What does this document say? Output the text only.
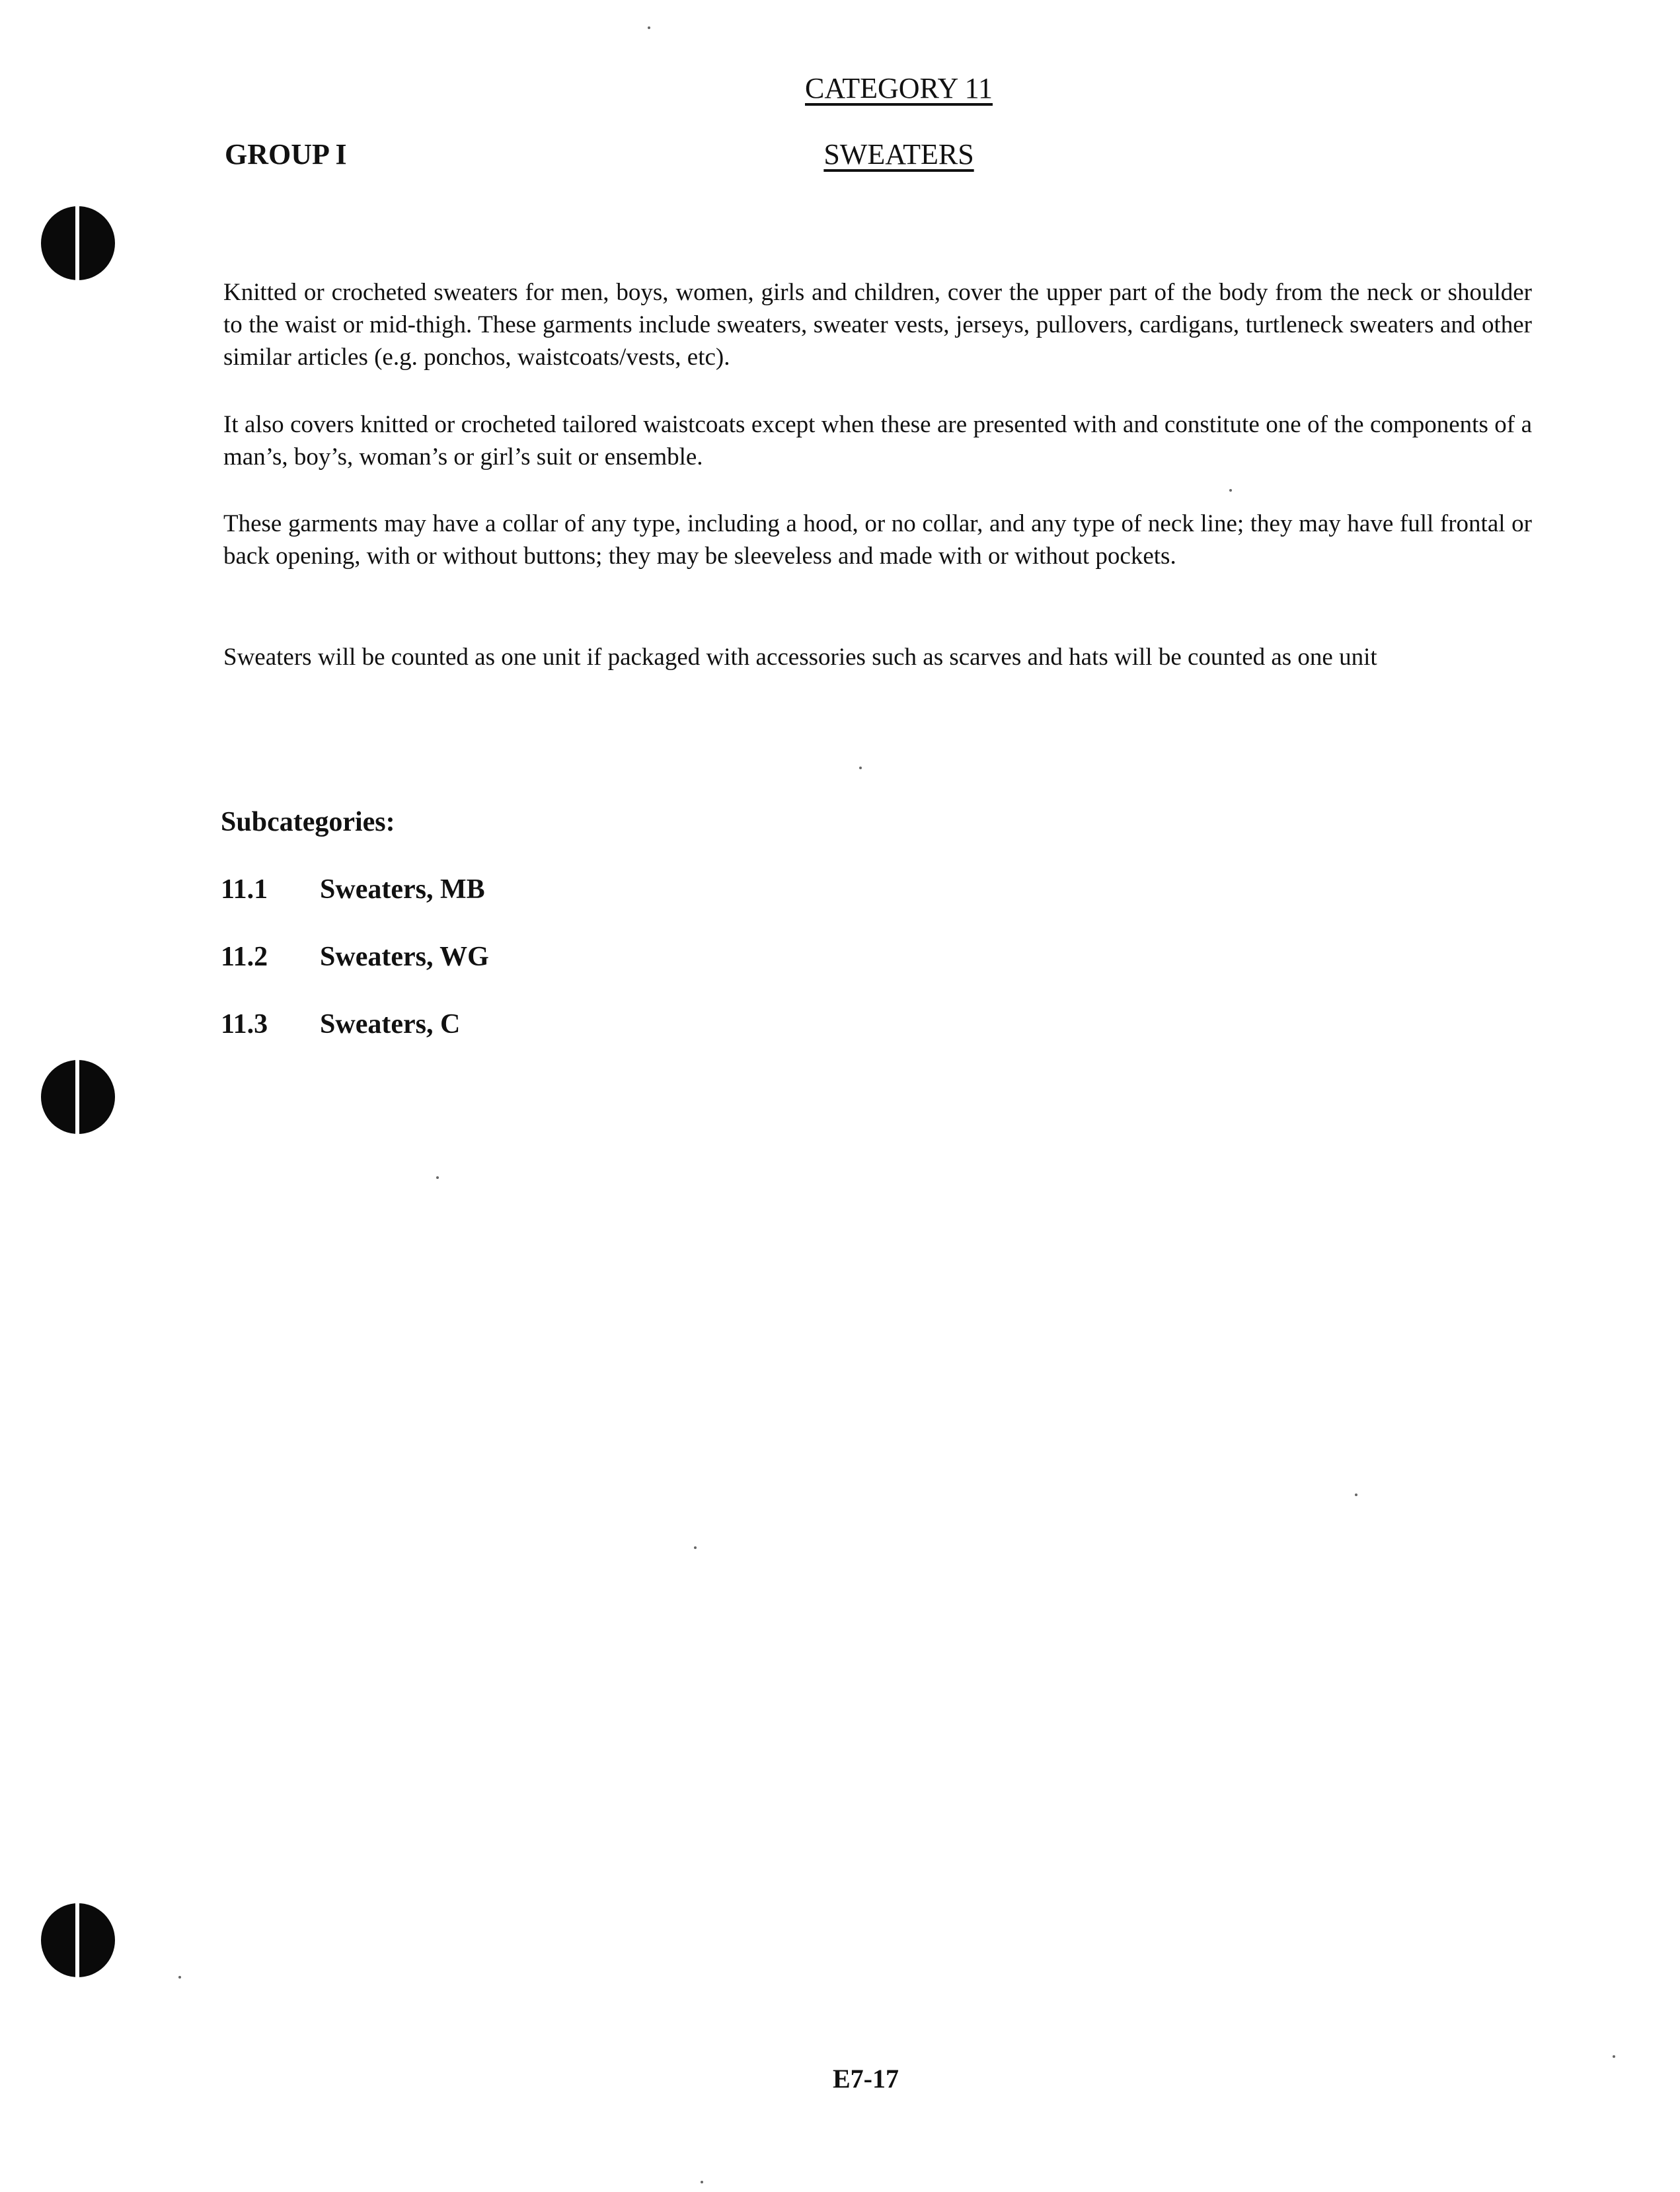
CATEGORY 11
GROUP I	SWEATERS

Knitted or crocheted sweaters for men, boys, women, girls and children, cover the upper part of the body from the neck or shoulder to the waist or mid-thigh. These garments include sweaters, sweater vests, jerseys, pullovers, cardigans, turtleneck sweaters and other similar articles (e.g. ponchos, waistcoats/vests, etc).

It also covers knitted or crocheted tailored waistcoats except when these are presented with and constitute one of the components of a man’s, boy’s, woman’s or girl’s suit or ensemble.

These garments may have a collar of any type, including a hood, or no collar, and any type of neck line; they may have full frontal or back opening, with or without buttons; they may be sleeveless and made with or without pockets.

Sweaters will be counted as one unit if packaged with accessories such as scarves and hats will be counted as one unit

Subcategories:
11.1 Sweaters, MB
11.2 Sweaters, WG
11.3 Sweaters, C
E7-17
